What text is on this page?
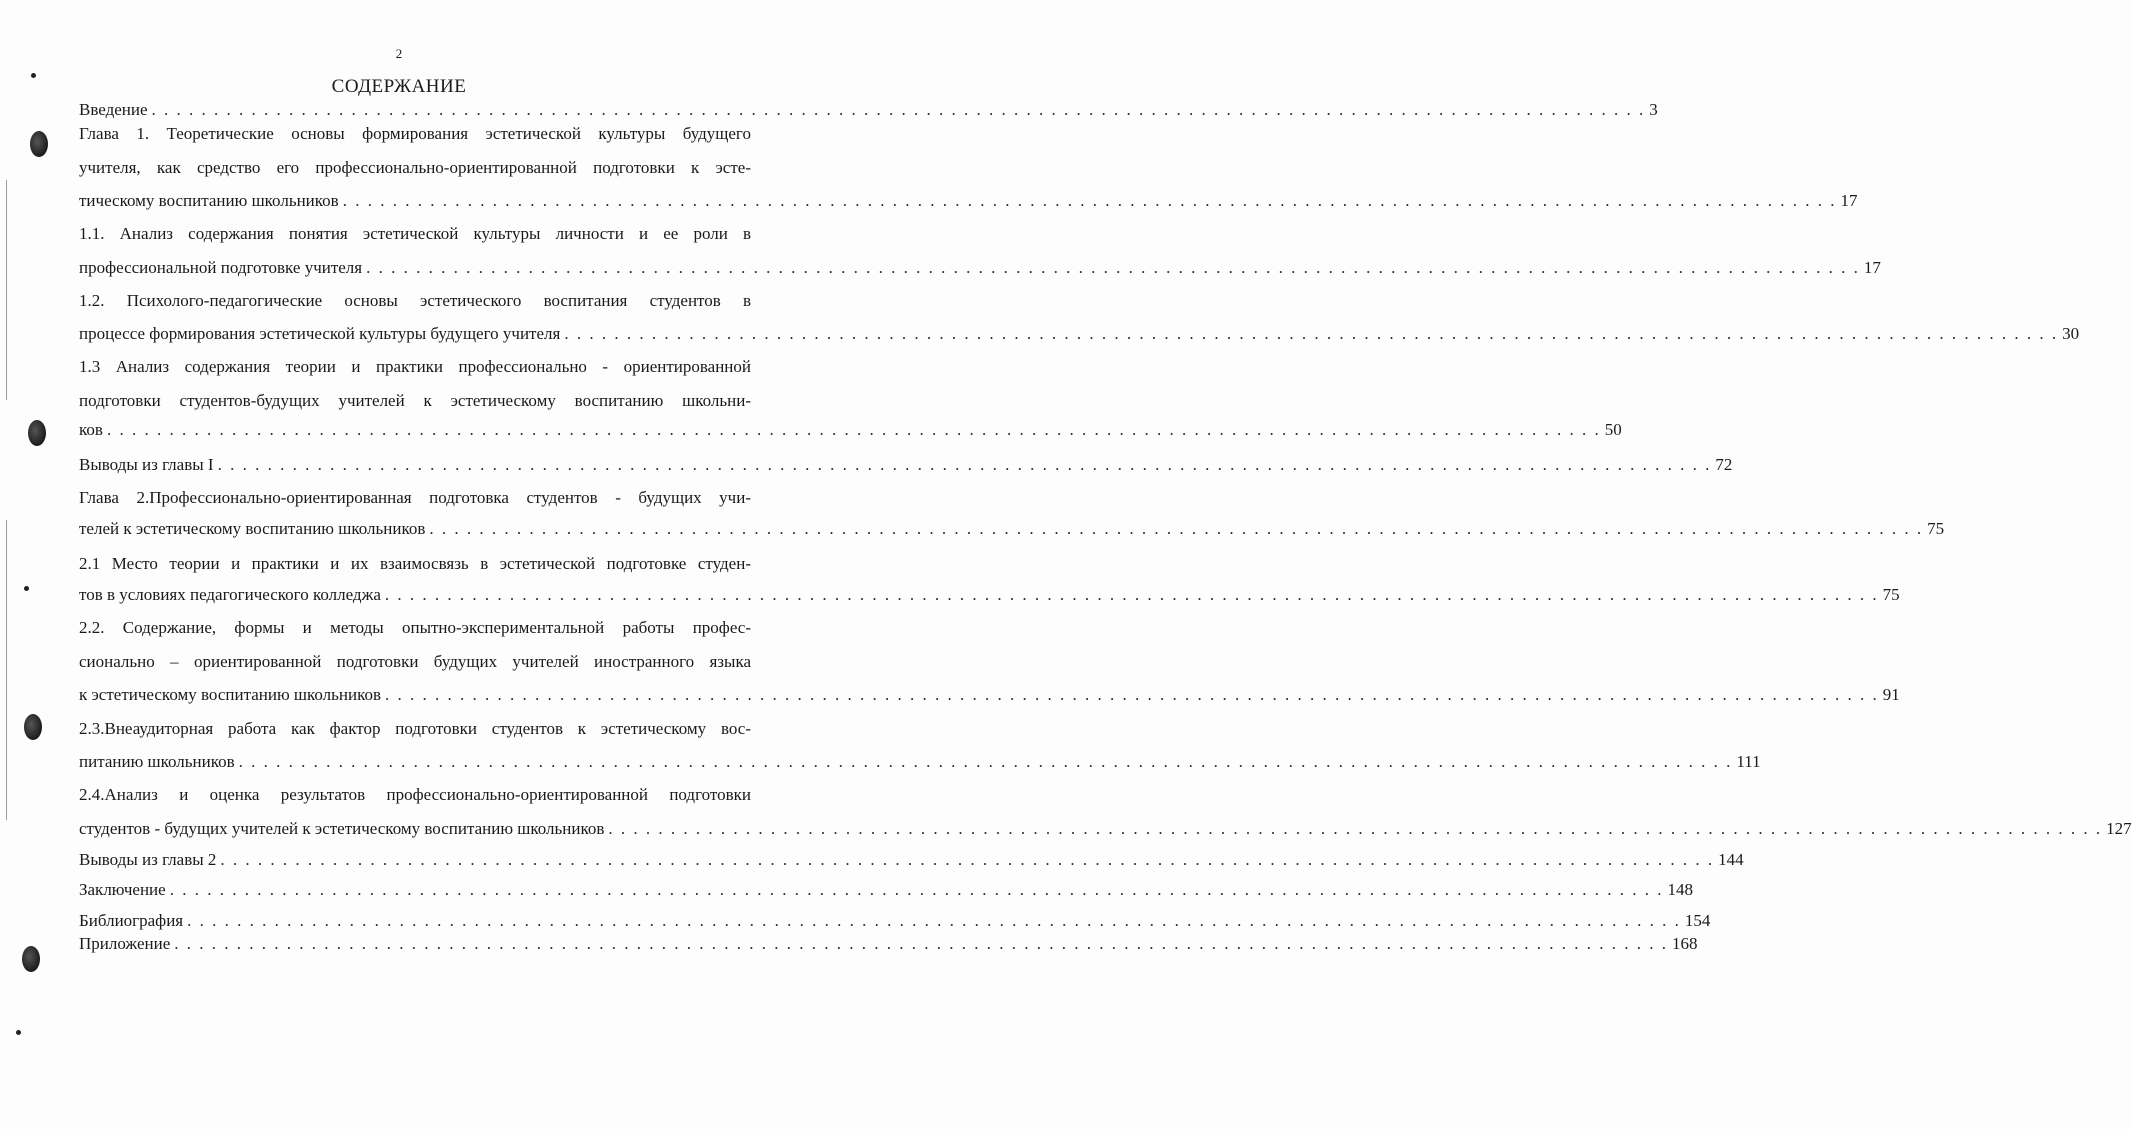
2
СОДЕРЖАНИЕ
Введение . . . . . . . . . . . . . . . . . . . . . . . . . . . . . . . . . . . . . . . . . . . . . . . . . . . . . . . . . . . . . . . . . . . . . . . . . . . . . . . . . . . . . . . . . . . . . . . . . . . . . . . . . . . . . . . . . . . . . . . . 3
Глава 1. Теоретические основы формирования эстетической культуры будущего
учителя, как средство его профессионально-ориентированной подготовки к эсте-
тическому воспитанию школьников . . . . . . . . . . . . . . . . . . . . . . . . . . . . . . . . . . . . . . . . . . . . . . . . . . . . . . . . . . . . . . . . . . . . . . . . . . . . . . . . . . . . . . . . . . . . . . . . . . . . . . . . . . . . . . . . . . . . . . . . 17
1.1. Анализ содержания понятия эстетической культуры личности и ее роли в
профессиональной подготовке учителя . . . . . . . . . . . . . . . . . . . . . . . . . . . . . . . . . . . . . . . . . . . . . . . . . . . . . . . . . . . . . . . . . . . . . . . . . . . . . . . . . . . . . . . . . . . . . . . . . . . . . . . . . . . . . . . . . . . . . . . . 17
1.2. Психолого-педагогические основы эстетического воспитания студентов в
процессе формирования эстетической культуры будущего учителя . . . . . . . . . . . . . . . . . . . . . . . . . . . . . . . . . . . . . . . . . . . . . . . . . . . . . . . . . . . . . . . . . . . . . . . . . . . . . . . . . . . . . . . . . . . . . . . . . . . . . . . . . . . . . . . . . . . . . . . . 30
1.3 Анализ содержания теории и практики профессионально - ориентированной
подготовки студентов-будущих учителей к эстетическому воспитанию школьни-
ков . . . . . . . . . . . . . . . . . . . . . . . . . . . . . . . . . . . . . . . . . . . . . . . . . . . . . . . . . . . . . . . . . . . . . . . . . . . . . . . . . . . . . . . . . . . . . . . . . . . . . . . . . . . . . . . . . . . . . . . . 50
Выводы из главы I . . . . . . . . . . . . . . . . . . . . . . . . . . . . . . . . . . . . . . . . . . . . . . . . . . . . . . . . . . . . . . . . . . . . . . . . . . . . . . . . . . . . . . . . . . . . . . . . . . . . . . . . . . . . . . . . . . . . . . . . 72
Глава 2.Профессионально-ориентированная подготовка студентов - будущих учи-
телей к эстетическому воспитанию школьников . . . . . . . . . . . . . . . . . . . . . . . . . . . . . . . . . . . . . . . . . . . . . . . . . . . . . . . . . . . . . . . . . . . . . . . . . . . . . . . . . . . . . . . . . . . . . . . . . . . . . . . . . . . . . . . . . . . . . . . . 75
2.1 Место теории и практики и их взаимосвязь в эстетической подготовке студен-
тов в условиях педагогического колледжа . . . . . . . . . . . . . . . . . . . . . . . . . . . . . . . . . . . . . . . . . . . . . . . . . . . . . . . . . . . . . . . . . . . . . . . . . . . . . . . . . . . . . . . . . . . . . . . . . . . . . . . . . . . . . . . . . . . . . . . . 75
2.2. Содержание, формы и методы опытно-экспериментальной работы профес-
сионально – ориентированной подготовки будущих учителей иностранного языка
к эстетическому воспитанию школьников . . . . . . . . . . . . . . . . . . . . . . . . . . . . . . . . . . . . . . . . . . . . . . . . . . . . . . . . . . . . . . . . . . . . . . . . . . . . . . . . . . . . . . . . . . . . . . . . . . . . . . . . . . . . . . . . . . . . . . . . 91
2.3.Внеаудиторная работа как фактор подготовки студентов к эстетическому вос-
питанию школьников . . . . . . . . . . . . . . . . . . . . . . . . . . . . . . . . . . . . . . . . . . . . . . . . . . . . . . . . . . . . . . . . . . . . . . . . . . . . . . . . . . . . . . . . . . . . . . . . . . . . . . . . . . . . . . . . . . . . . . . . 111
2.4.Анализ и оценка результатов профессионально-ориентированной подготовки
студентов - будущих учителей к эстетическому воспитанию школьников . . . . . . . . . . . . . . . . . . . . . . . . . . . . . . . . . . . . . . . . . . . . . . . . . . . . . . . . . . . . . . . . . . . . . . . . . . . . . . . . . . . . . . . . . . . . . . . . . . . . . . . . . . . . . . . . . . . . . . . . 127
Выводы из главы 2 . . . . . . . . . . . . . . . . . . . . . . . . . . . . . . . . . . . . . . . . . . . . . . . . . . . . . . . . . . . . . . . . . . . . . . . . . . . . . . . . . . . . . . . . . . . . . . . . . . . . . . . . . . . . . . . . . . . . . . . . 144
Заключение . . . . . . . . . . . . . . . . . . . . . . . . . . . . . . . . . . . . . . . . . . . . . . . . . . . . . . . . . . . . . . . . . . . . . . . . . . . . . . . . . . . . . . . . . . . . . . . . . . . . . . . . . . . . . . . . . . . . . . . . 148
Библиография . . . . . . . . . . . . . . . . . . . . . . . . . . . . . . . . . . . . . . . . . . . . . . . . . . . . . . . . . . . . . . . . . . . . . . . . . . . . . . . . . . . . . . . . . . . . . . . . . . . . . . . . . . . . . . . . . . . . . . . . 154
Приложение . . . . . . . . . . . . . . . . . . . . . . . . . . . . . . . . . . . . . . . . . . . . . . . . . . . . . . . . . . . . . . . . . . . . . . . . . . . . . . . . . . . . . . . . . . . . . . . . . . . . . . . . . . . . . . . . . . . . . . . . 168
